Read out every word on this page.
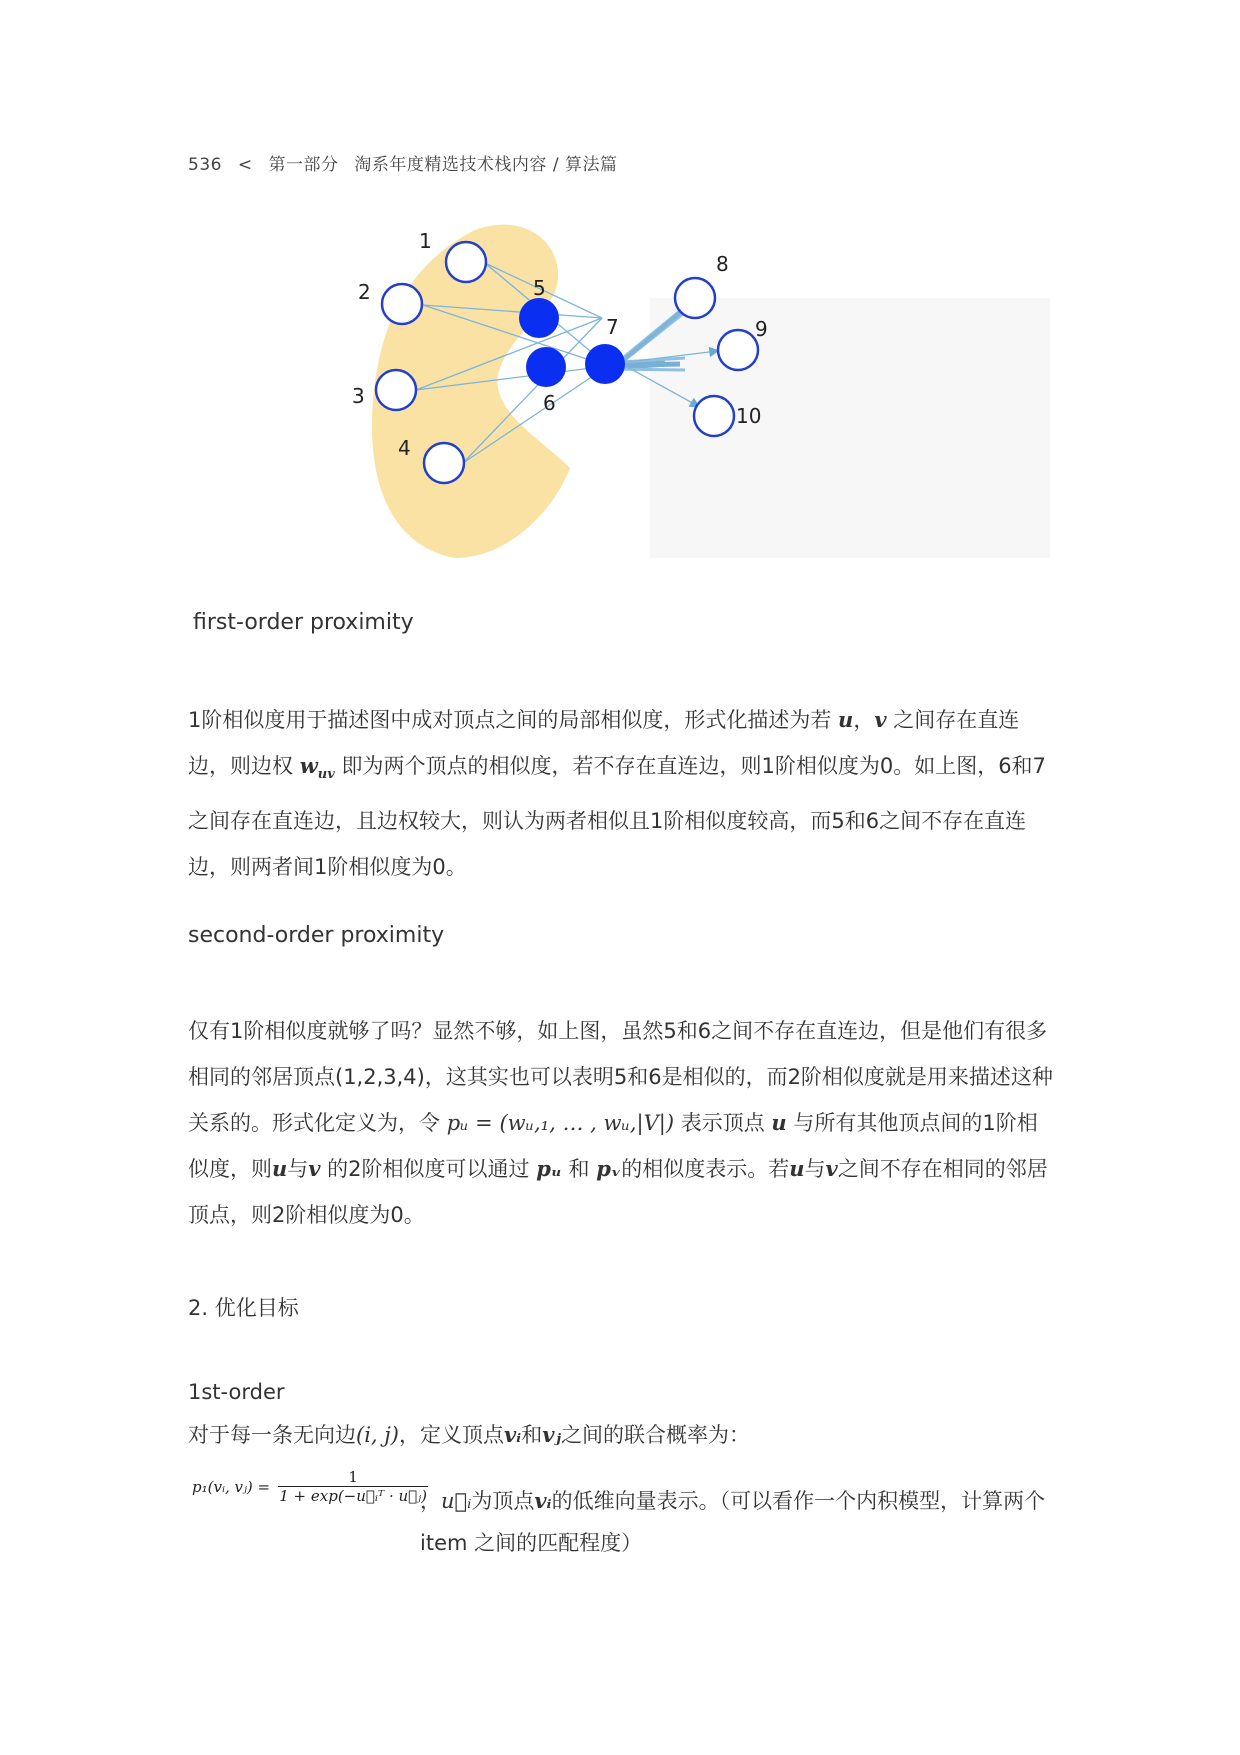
536 < 第一部分 淘系年度精选技术栈内容 / 算法篇
1
2
3
4
5
6
7
8
9
10
first-order proximity
1阶相似度用于描述图中成对顶点之间的局部相似度，形式化描述为若 u，v 之间存在直连边，则边权 $w_{uv}$ 即为两个顶点的相似度，若不存在直连边，则1阶相似度为0。如上图，6和7之间存在直连边，且边权较大，则认为两者相似且1阶相似度较高，而5和6之间不存在直连边，则两者间1阶相似度为0。
second-order proximity
仅有1阶相似度就够了吗？显然不够，如上图，虽然5和6之间不存在直连边，但是他们有很多相同的邻居顶点(1,2,3,4)，这其实也可以表明5和6是相似的，而2阶相似度就是用来描述这种关系的。形式化定义为，令 pᵤ = (wᵤ,₁, … , wᵤ,|V|) 表示顶点 u 与所有其他顶点间的1阶相似度，则u与v 的2阶相似度可以通过 pᵤ 和 pᵥ的相似度表示。若u与v之间不存在相同的邻居顶点，则2阶相似度为0。
2. 优化目标
1st-order
对于每一条无向边(i, j)，定义顶点vᵢ和vⱼ之间的联合概率为：
p₁(vᵢ, vⱼ) =
1
1 + exp(−u⃗ᵢᵀ · u⃗ⱼ)
，u⃗ᵢ为顶点vᵢ的低维向量表示。（可以看作一个内积模型，计算两个 item 之间的匹配程度）
